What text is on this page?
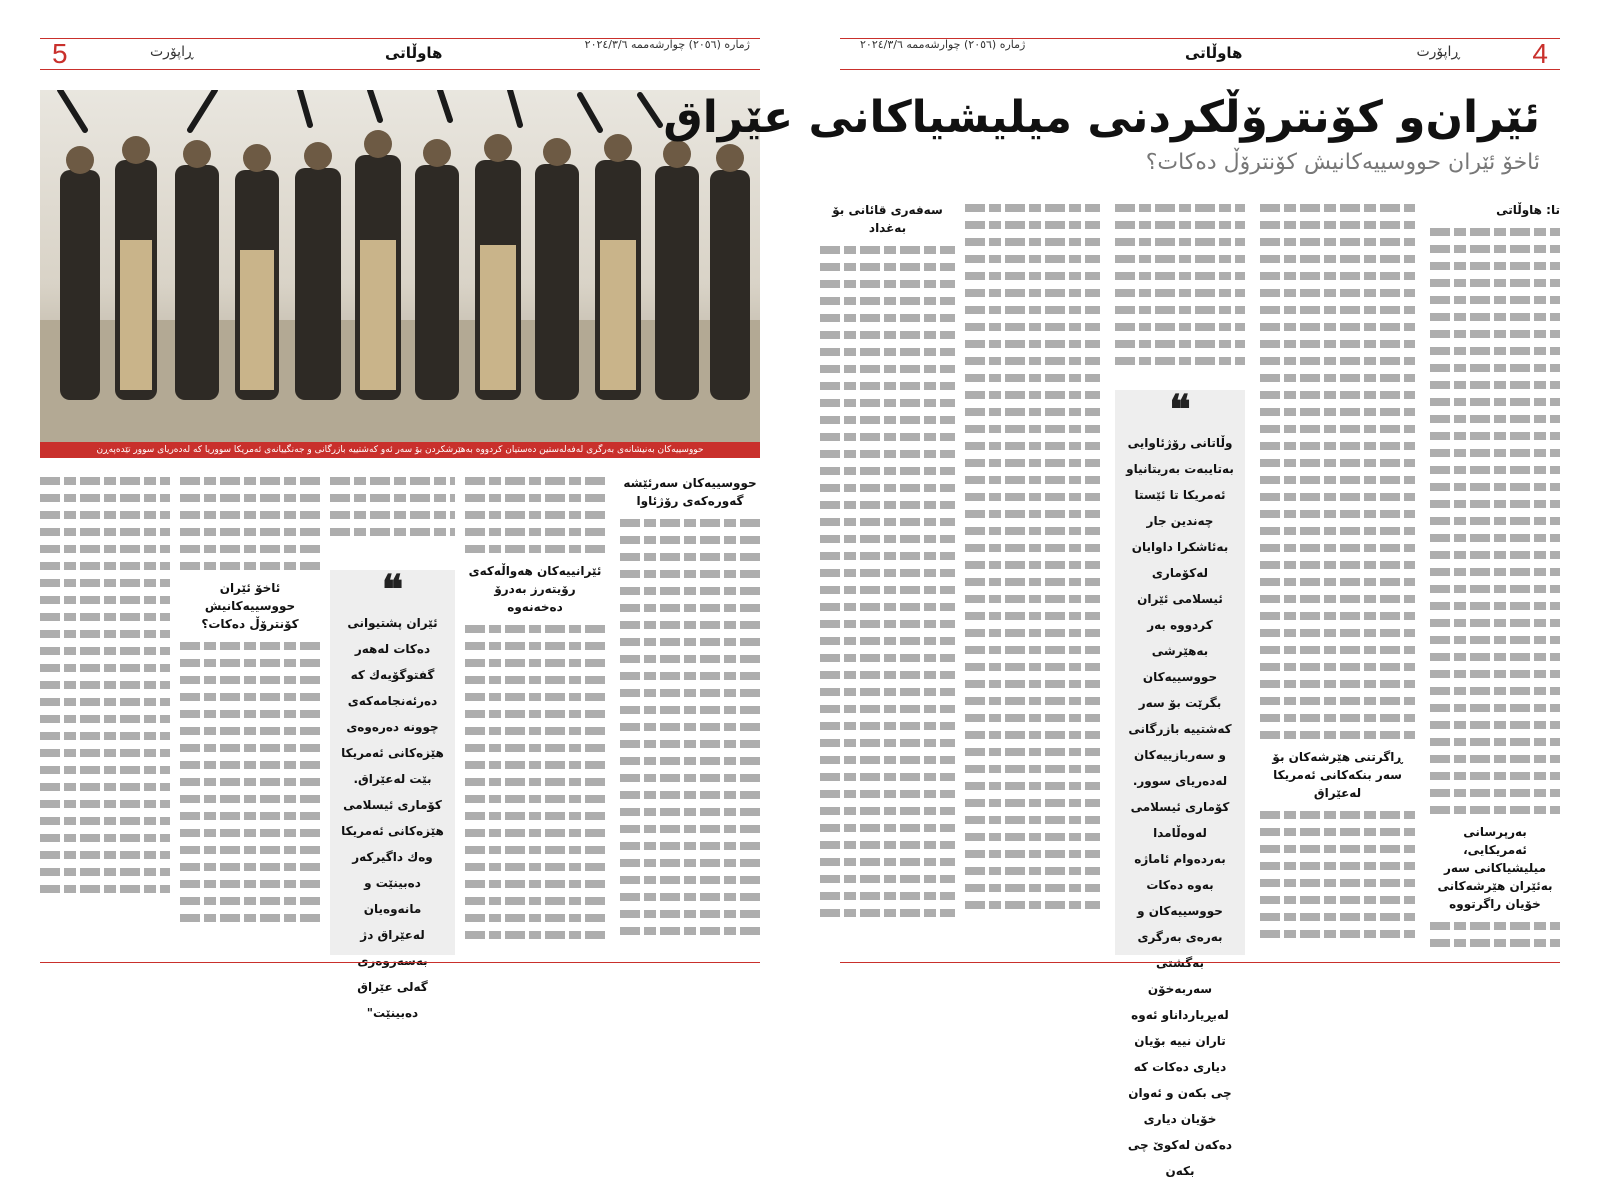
5	ڕاپۆرت	هاوڵاتی	ژماره (٢٠٥٦) چوارشه‌ممه‌ ٢٠٢٤/٣/٦
حووسییه‌كان به‌نیشانه‌ی به‌رگری له‌فه‌له‌ستین دەستیان کردووه به‌هێرشکردن بۆ سه‌ر ئه‌و كه‌شتییه‌ بازرگانی و جه‌نگییانه‌ی ئه‌مریكا سووریا كه‌ له‌ده‌ریای سوور تێده‌پەڕن
حووسییه‌كان سه‌رئێشه‌ گه‌وره‌كه‌ی رۆژئاوا
ئێرانییه‌كان هه‌واڵه‌كه‌ی رۆیته‌رز به‌درۆ ده‌خه‌نه‌وه‌
❝
ئێران پشتیوانی ده‌كات له‌هه‌ر گفتوگۆیه‌ك كه‌ ده‌رئه‌نجامه‌كه‌ی چوونه‌ ده‌ره‌وه‌ی هێزه‌كانی ئه‌مریكا بێت له‌عێراق. كۆماری ئیسلامی هێزه‌كانی ئه‌مریكا وه‌ك داگیركه‌ر ده‌بینێت و مانه‌وه‌یان له‌عێراق دژ به‌سه‌روه‌ری گه‌لی عێراق ده‌بینێت"
ئاخۆ ئێران حووسییه‌كانیش كۆنترۆڵ ده‌كات؟
4
ڕاپۆرت
هاوڵاتی
ژماره (٢٠٥٦) چوارشه‌ممه‌ ٢٠٢٤/٣/٦
ئێران‌و كۆنترۆڵكردنی میلیشیاكانی عێراق
ئاخۆ ئێران حووسییه‌كانیش كۆنترۆڵ ده‌كات؟
تا: هاوڵاتی
به‌رپرسانی ئه‌مریكایی، میلیشیاكانی سه‌ر به‌ئێران هێرشه‌كانی خۆیان راگرتووه‌
ڕاگرتنی هێرشه‌كان بۆ سه‌ر بنكه‌كانی ئه‌مریكا له‌عێراق
❝
وڵاتانی رۆژئاوایی به‌تایبه‌ت به‌ریتانیاو ئه‌مریكا تا ئێستا چه‌ندین جار به‌ئاشكرا داوایان له‌كۆماری ئیسلامی ئێران كردووه‌ به‌ر به‌هێرشی حووسییه‌كان بگرێت بۆ سه‌ر كه‌شتییه‌ بازرگانی و سه‌ربازییه‌كان له‌ده‌ریای سوور. كۆماری ئیسلامی له‌وه‌ڵامدا به‌رده‌وام ئاماژه‌ به‌وه‌ ده‌كات حووسییه‌كان و به‌ره‌ی به‌رگری به‌گشتی سه‌ربه‌خۆن له‌بڕیارداناو ئه‌وه‌ تاران نییه‌ بۆیان دیاری ده‌كات كه‌ چی بكه‌ن و ئه‌وان خۆیان دیاری ده‌كه‌ن له‌كوێ چی بكه‌ن
سه‌فه‌ری قائانی بۆ به‌غداد
